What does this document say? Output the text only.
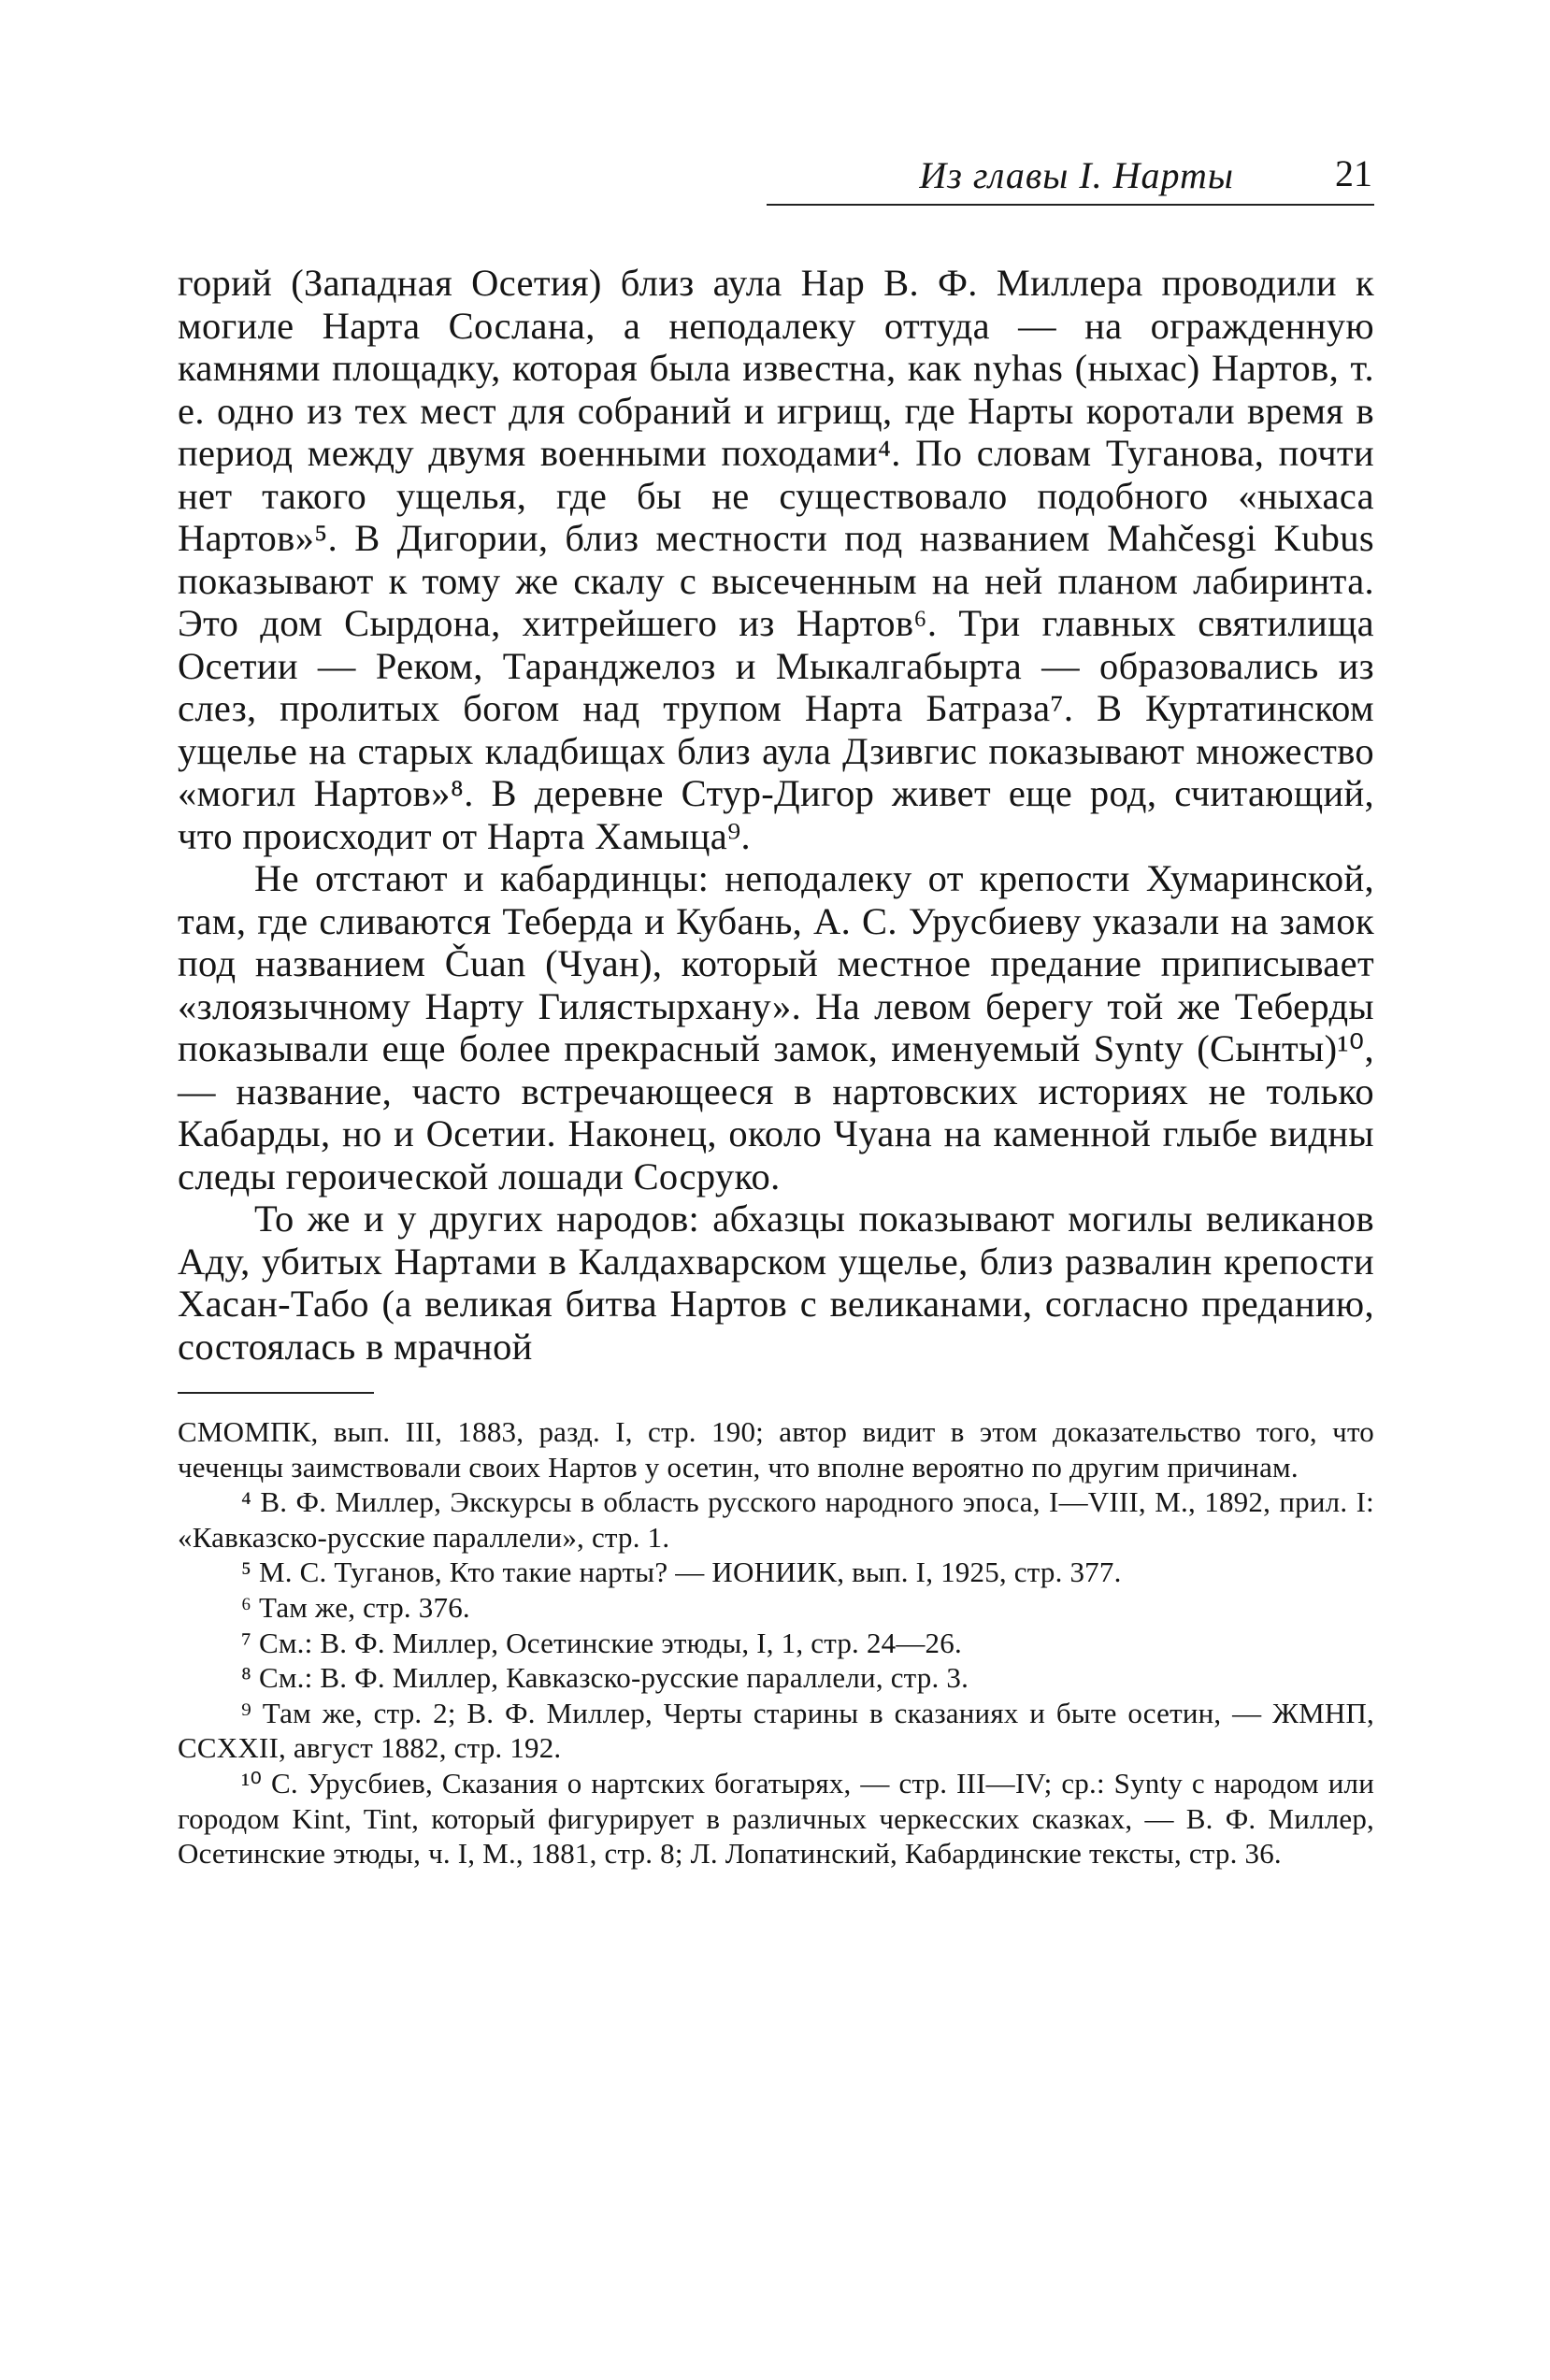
Из главы I. Нарты	21

горий (Западная Осетия) близ аула Нар В. Ф. Миллера проводили к могиле Нарта Сослана, а неподалеку оттуда — на огражденную камнями площадку, которая была известна, как nyhas (ныхас) Нартов, т. е. одно из тех мест для собраний и игрищ, где Нарты коротали время в период между двумя военными походами⁴. По словам Туганова, почти нет такого ущелья, где бы не существовало подобного «ныхаса Нартов»⁵. В Дигории, близ местности под названием Mahčesgi Kubus показывают к тому же скалу с высеченным на ней планом лабиринта. Это дом Сырдона, хитрейшего из Нартов⁶. Три главных святилища Осетии — Реком, Таранджелоз и Мыкалгабырта — образовались из слез, пролитых богом над трупом Нарта Батраза⁷. В Куртатинском ущелье на старых кладбищах близ аула Дзивгис показывают множество «могил Нартов»⁸. В деревне Стур-Дигор живет еще род, считающий, что происходит от Нарта Хамыца⁹.

Не отстают и кабардинцы: неподалеку от крепости Хумаринской, там, где сливаются Теберда и Кубань, А. С. Урусбиеву указали на замок под названием Čuan (Чуан), который местное предание приписывает «злоязычному Нарту Гилястырхану». На левом берегу той же Теберды показывали еще более прекрасный замок, именуемый Synty (Сынты)¹⁰, — название, часто встречающееся в нартовских историях не только Кабарды, но и Осетии. Наконец, около Чуана на каменной глыбе видны следы героической лошади Сосруко.

То же и у других народов: абхазцы показывают могилы великанов Аду, убитых Нартами в Калдахварском ущелье, близ развалин крепости Хасан-Табо (а великая битва Нартов с великанами, согласно преданию, состоялась в мрачной

СМОМПК, вып. III, 1883, разд. I, стр. 190; автор видит в этом доказательство того, что чеченцы заимствовали своих Нартов у осетин, что вполне вероятно по другим причинам.

⁴ В. Ф. Миллер, Экскурсы в область русского народного эпоса, I—VIII, М., 1892, прил. I: «Кавказско-русские параллели», стр. 1.

⁵ М. С. Туганов, Кто такие нарты? — ИОНИИК, вып. I, 1925, стр. 377.

⁶ Там же, стр. 376.

⁷ См.: В. Ф. Миллер, Осетинские этюды, I, 1, стр. 24—26.

⁸ См.: В. Ф. Миллер, Кавказско-русские параллели, стр. 3.

⁹ Там же, стр. 2; В. Ф. Миллер, Черты старины в сказаниях и быте осетин, — ЖМНП, CCXXII, август 1882, стр. 192.

¹⁰ С. Урусбиев, Сказания о нартских богатырях, — стр. III—IV; ср.: Synty с народом или городом Kint, Tint, который фигурирует в различных черкесских сказках, — В. Ф. Миллер, Осетинские этюды, ч. I, М., 1881, стр. 8; Л. Лопатинский, Кабардинские тексты, стр. 36.
